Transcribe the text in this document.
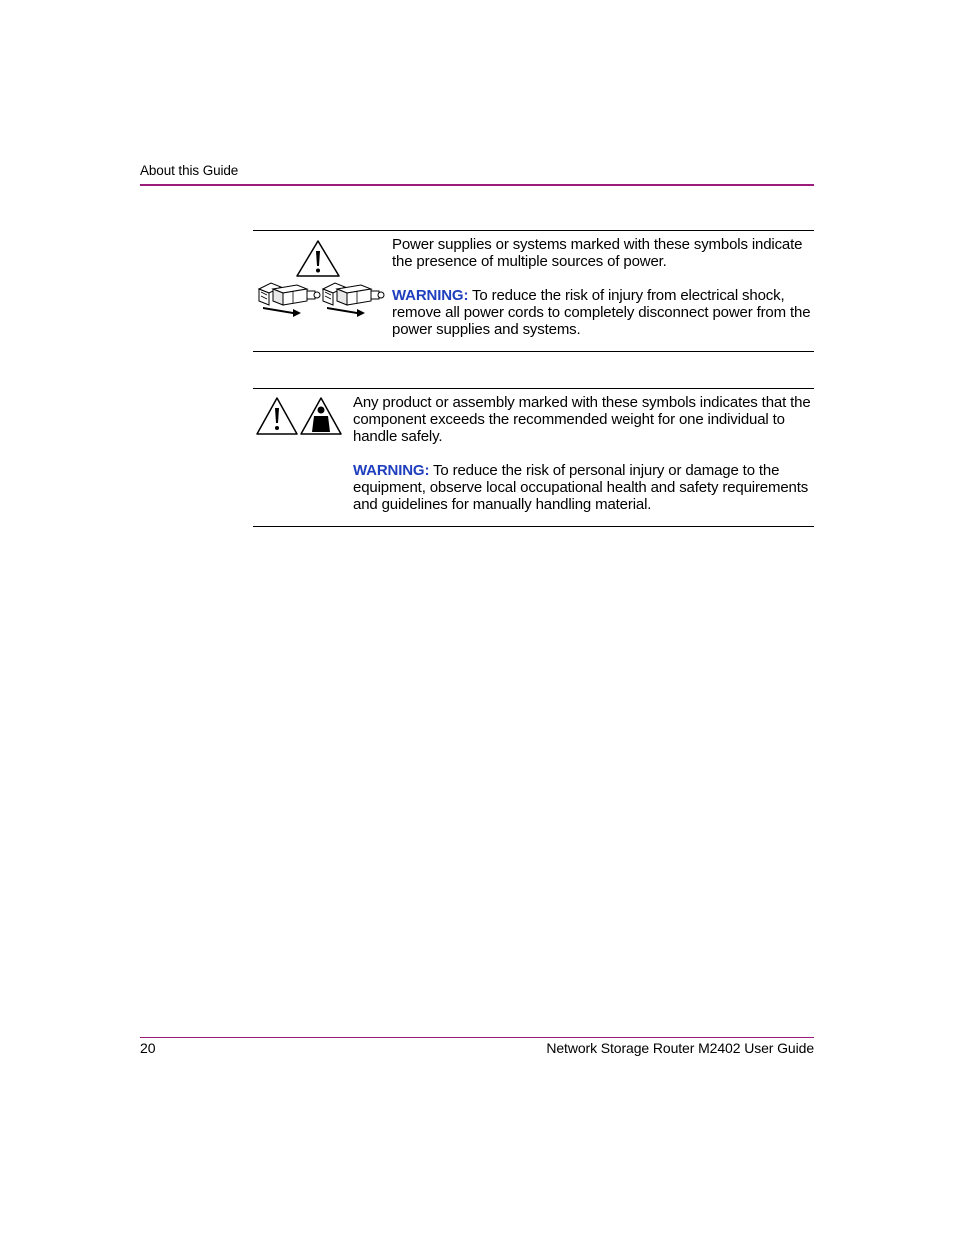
About this Guide

Power supplies or systems marked with these symbols indicate the presence of multiple sources of power.

WARNING: To reduce the risk of injury from electrical shock, remove all power cords to completely disconnect power from the power supplies and systems.

Any product or assembly marked with these symbols indicates that the component exceeds the recommended weight for one individual to handle safely.

WARNING: To reduce the risk of personal injury or damage to the equipment, observe local occupational health and safety requirements and guidelines for manually handling material.

20	Network Storage Router M2402 User Guide
